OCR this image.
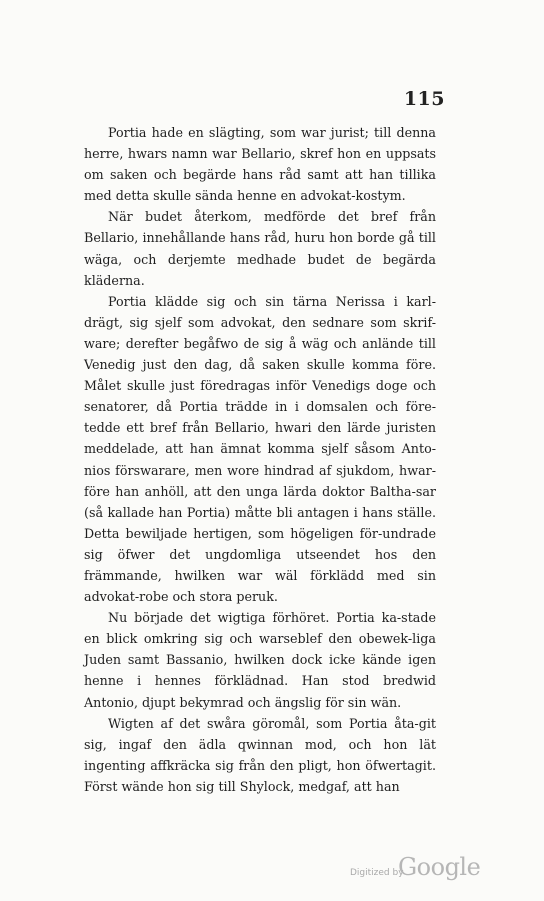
115

Portia hade en slägting, som war jurist; till denna herre, hwars namn war Bellario, skref hon en uppsats om saken och begärde hans råd samt att han tillika med detta skulle sända henne en advokat-kostym.

När budet återkom, medförde det bref från Bellario, innehållande hans råd, huru hon borde gå till wäga, och derjemte medhade budet de begärda kläderna.

Portia klädde sig och sin tärna Nerissa i karl-drägt, sig sjelf som advokat, den sednare som skrif-ware; derefter begåfwo de sig å wäg och anlände till Venedig just den dag, då saken skulle komma före. Målet skulle just föredragas inför Venedigs doge och senatorer, då Portia trädde in i domsalen och före-tedde ett bref från Bellario, hwari den lärde juristen meddelade, att han ämnat komma sjelf såsom Anto-nios förswarare, men wore hindrad af sjukdom, hwar-före han anhöll, att den unga lärda doktor Baltha-sar (så kallade han Portia) måtte bli antagen i hans ställe. Detta bewiljade hertigen, som högeligen för-undrade sig öfwer det ungdomliga utseendet hos den främmande, hwilken war wäl förklädd med sin advokat-robe och stora peruk.

Nu började det wigtiga förhöret. Portia ka-stade en blick omkring sig och warseblef den obewek-liga Juden samt Bassanio, hwilken dock icke kände igen henne i hennes förklädnad. Han stod bredwid Antonio, djupt bekymrad och ängslig för sin wän.

Wigten af det swåra göromål, som Portia åta-git sig, ingaf den ädla qwinnan mod, och hon lät ingenting affkräcka sig från den pligt, hon öfwertagit. Först wände hon sig till Shylock, medgaf, att han

Digitized by
Google
